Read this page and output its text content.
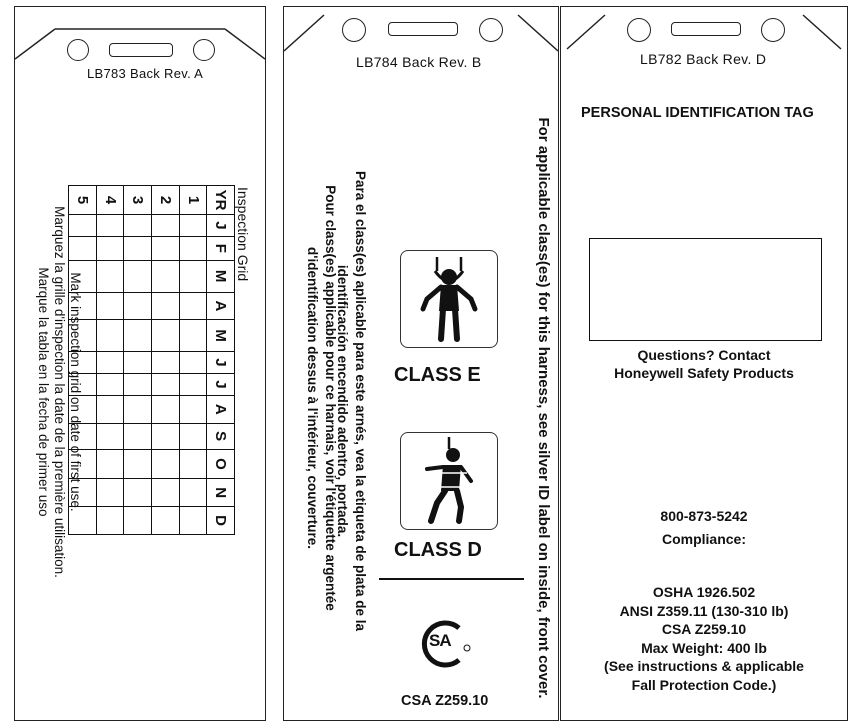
LB783 Back Rev. A
Inspection Grid
YR	J	F	M	A	M	J	J	A	S	O	N	D
1												
2												
3												
4												
5												
Mark inspection grid on date of first use.
Marquez la grille d'inspection la date de la première utilisation.
Marque la tabla en la fecha de primer uso
LB784 Back Rev. B
For applicable class(es) for this harness, see silver ID label on inside, front cover.
Para el class(es) aplicable para este arnés, vea la etiqueta de plata de la
identificación encendido adentro, portada.
Pour class(es) applicable pour ce harnais, voir l'étiquette argentée
d'identification dessus à l'intérieur, couverture.	CLASS E
CLASS D
SA
CSA Z259.10
LB782 Back Rev. D
PERSONAL IDENTIFICATION TAG
Questions? Contact
Honeywell Safety Products
800-873-5242
Compliance:
OSHA 1926.502
ANSI Z359.11 (130-310 lb)
CSA Z259.10
Max Weight: 400 lb
(See instructions & applicable
Fall Protection Code.)
